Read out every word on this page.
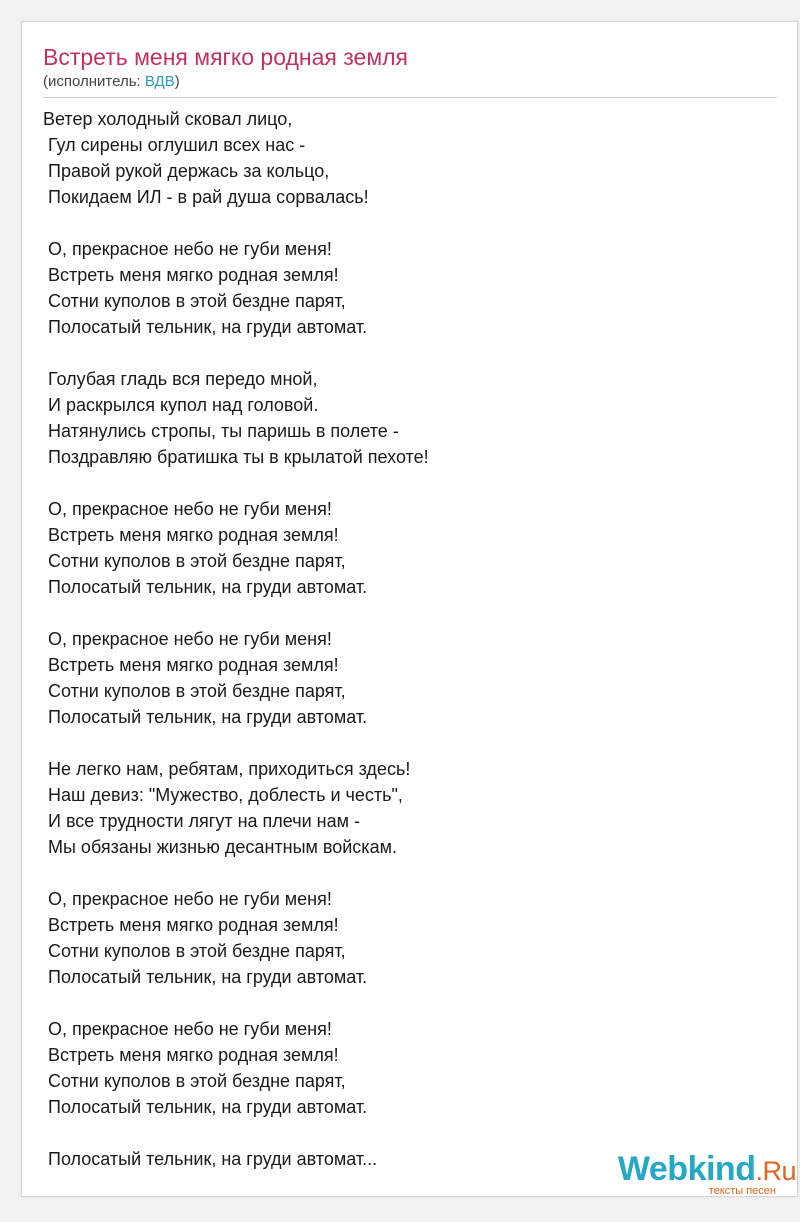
Встреть меня мягко родная земля
(исполнитель: ВДВ)
Ветер холодный сковал лицо,
Гул сирены оглушил всех нас -
Правой рукой держась за кольцо,
Покидаем ИЛ - в рай душа сорвалась!
О, прекрасное небо не губи меня!
Встреть меня мягко родная земля!
Сотни куполов в этой бездне парят,
Полосатый тельник, на груди автомат.
Голубая гладь вся передо мной,
И раскрылся купол над головой.
Натянулись стропы, ты паришь в полете -
Поздравляю братишка ты в крылатой пехоте!
О, прекрасное небо не губи меня!
Встреть меня мягко родная земля!
Сотни куполов в этой бездне парят,
Полосатый тельник, на груди автомат.
О, прекрасное небо не губи меня!
Встреть меня мягко родная земля!
Сотни куполов в этой бездне парят,
Полосатый тельник, на груди автомат.
Не легко нам, ребятам, приходиться здесь!
Наш девиз: "Мужество, доблесть и честь",
И все трудности лягут на плечи нам -
Мы обязаны жизнью десантным войскам.
О, прекрасное небо не губи меня!
Встреть меня мягко родная земля!
Сотни куполов в этой бездне парят,
Полосатый тельник, на груди автомат.
О, прекрасное небо не губи меня!
Встреть меня мягко родная земля!
Сотни куполов в этой бездне парят,
Полосатый тельник, на груди автомат.
Полосатый тельник, на груди автомат...	Webkind.Ru
тексты песен
